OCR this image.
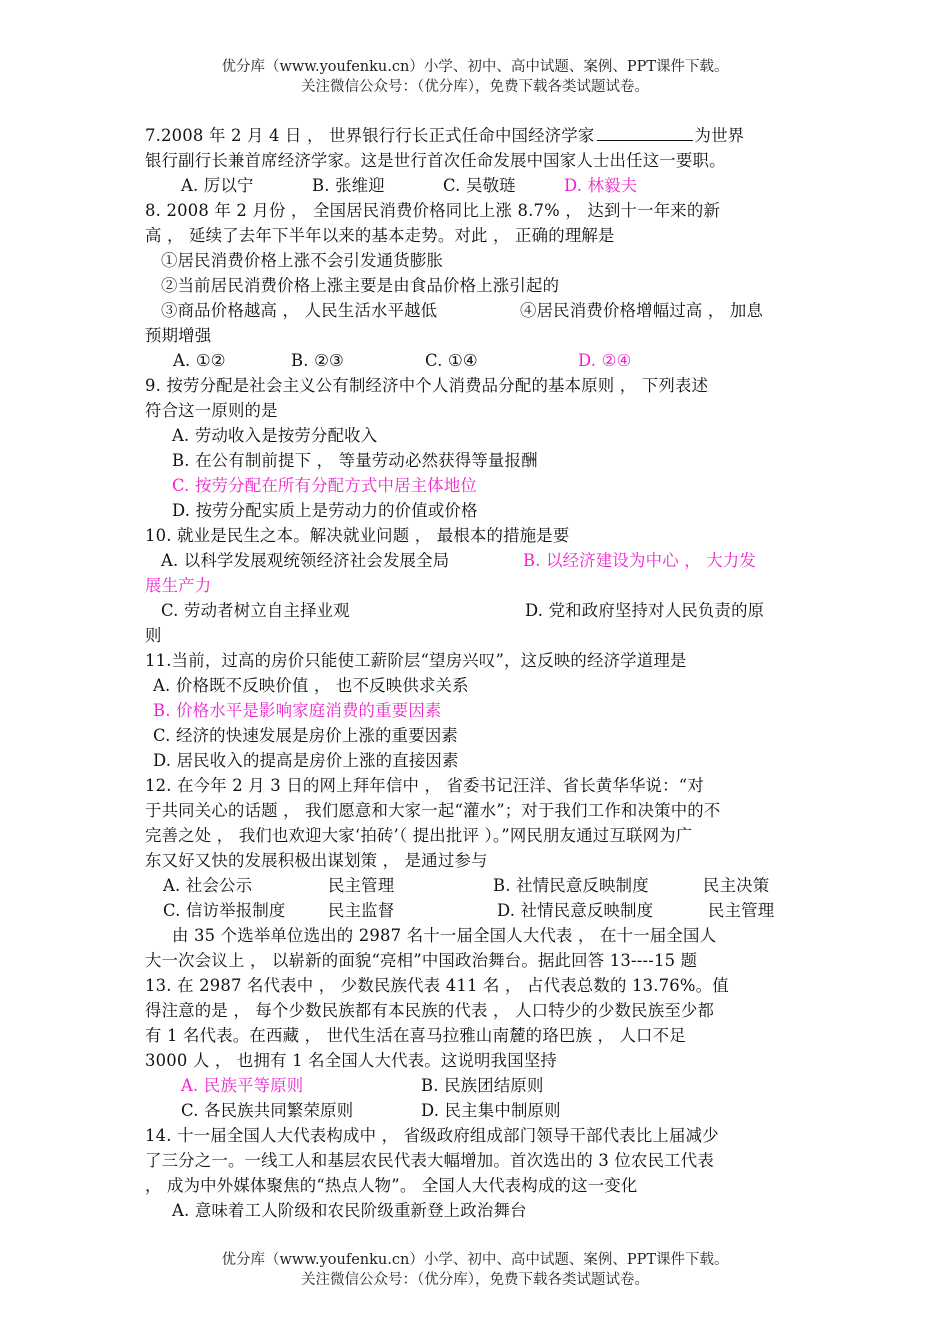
优分库（www.youfenku.cn）小学、初中、高中试题、案例、PPT课件下载。
关注微信公众号：（优分库），免费下载各类试题试卷。
7.2008 年 2 月 4 日 ， 世界银行行长正式任命中国经济学家	为世界
银行副行长兼首席经济学家。这是世行首次任命发展中国家人士出任这一要职。
A. 厉以宁	B. 张维迎	C. 吴敬琏	D. 林毅夫
8. 2008 年 2 月份 ， 全国居民消费价格同比上涨 8.7% ， 达到十一年来的新
高 ， 延续了去年下半年以来的基本走势。对此 ， 正确的理解是
①居民消费价格上涨不会引发通货膨胀
②当前居民消费价格上涨主要是由食品价格上涨引起的
③商品价格越高 ， 人民生活水平越低	④居民消费价格增幅过高 ， 加息
预期增强
A. ①②	B. ②③	C. ①④	D. ②④
9. 按劳分配是社会主义公有制经济中个人消费品分配的基本原则 ， 下列表述
符合这一原则的是
A. 劳动收入是按劳分配收入
B. 在公有制前提下 ， 等量劳动必然获得等量报酬
C. 按劳分配在所有分配方式中居主体地位
D. 按劳分配实质上是劳动力的价值或价格
10. 就业是民生之本。解决就业问题 ， 最根本的措施是要
A. 以科学发展观统领经济社会发展全局	B. 以经济建设为中心 ， 大力发
展生产力
C. 劳动者树立自主择业观	D. 党和政府坚持对人民负责的原
则
11.当前，过高的房价只能使工薪阶层“望房兴叹”，这反映的经济学道理是
A. 价格既不反映价值 ， 也不反映供求关系
B. 价格水平是影响家庭消费的重要因素
C. 经济的快速发展是房价上涨的重要因素
D. 居民收入的提高是房价上涨的直接因素
12. 在今年 2 月 3 日的网上拜年信中 ， 省委书记汪洋、省长黄华华说：“对
于共同关心的话题 ， 我们愿意和大家一起“灌水”；对于我们工作和决策中的不
完善之处 ， 我们也欢迎大家‘拍砖’（ 提出批评 ）。”网民朋友通过互联网为广
东又好又快的发展积极出谋划策 ， 是通过参与
A. 社会公示	民主管理	B. 社情民意反映制度	民主决策
C. 信访举报制度	民主监督	D. 社情民意反映制度	民主管理
由 35 个选举单位选出的 2987 名十一届全国人大代表 ， 在十一届全国人
大一次会议上 ， 以崭新的面貌“亮相”中国政治舞台。据此回答 13----15 题
13. 在 2987 名代表中 ， 少数民族代表 411 名 ， 占代表总数的 13.76%。值
得注意的是 ， 每个少数民族都有本民族的代表 ， 人口特少的少数民族至少都
有 1 名代表。在西藏 ， 世代生活在喜马拉雅山南麓的珞巴族 ， 人口不足
3000 人 ， 也拥有 1 名全国人大代表。这说明我国坚持
A. 民族平等原则	B. 民族团结原则
C. 各民族共同繁荣原则	D. 民主集中制原则
14. 十一届全国人大代表构成中 ， 省级政府组成部门领导干部代表比上届减少
了三分之一。一线工人和基层农民代表大幅增加。首次选出的 3 位农民工代表
， 成为中外媒体聚焦的“热点人物”。 全国人大代表构成的这一变化
A. 意味着工人阶级和农民阶级重新登上政治舞台
优分库（www.youfenku.cn）小学、初中、高中试题、案例、PPT课件下载。
关注微信公众号：（优分库），免费下载各类试题试卷。
